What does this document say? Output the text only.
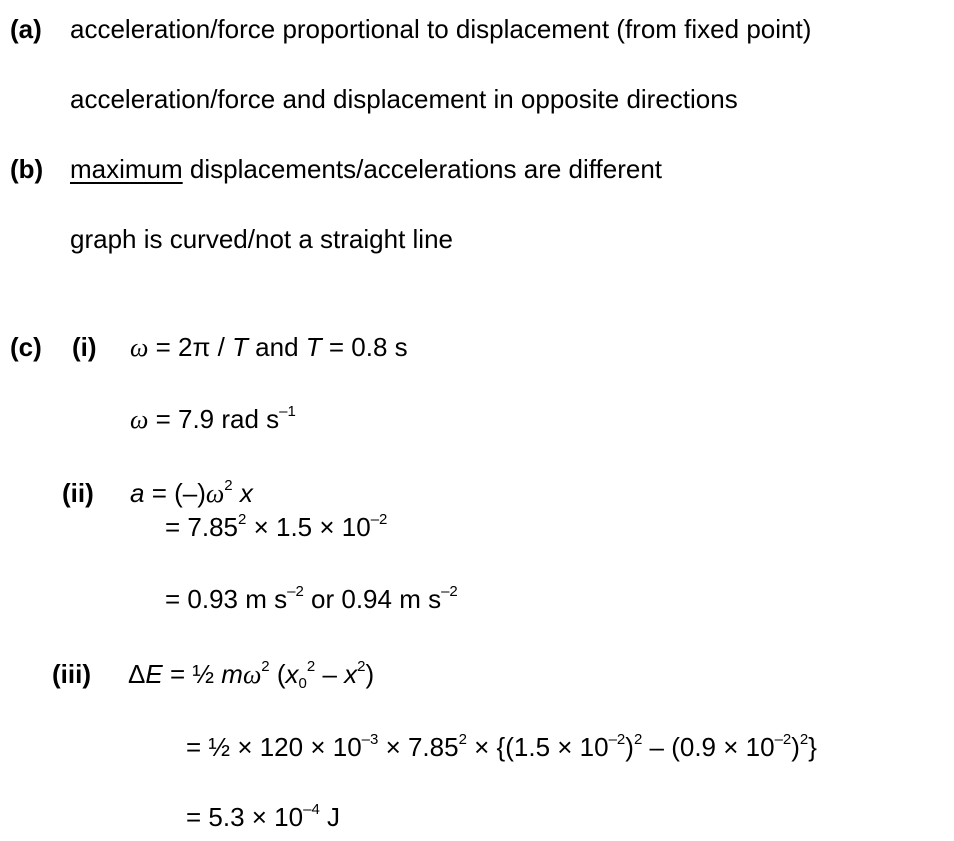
(a) acceleration/force proportional to displacement (from fixed point)
acceleration/force and displacement in opposite directions
(b) maximum displacements/accelerations are different
graph is curved/not a straight line
(c) (i) ω = 2π / T and T = 0.8 s
ω = 7.9 rad $s^{-1}$
(ii) $a = (-)\omega^2$ x
= $7.85^2 \times 1.5 \times 10^{-2}$
= 0.93 m $s^{-2}$ or 0.94 m $s^{-2}$
(iii) ΔE = ½ $m\omega^2$ $(x_0^2 - x^2)$
= ½ × $120 \times 10^{-3} \times 7.85^2 \times \{(1.5 \times 10^{-2})^2 - (0.9 \times 10^{-2})^2\}$
= $5.3 \times 10^{-4}$ J
